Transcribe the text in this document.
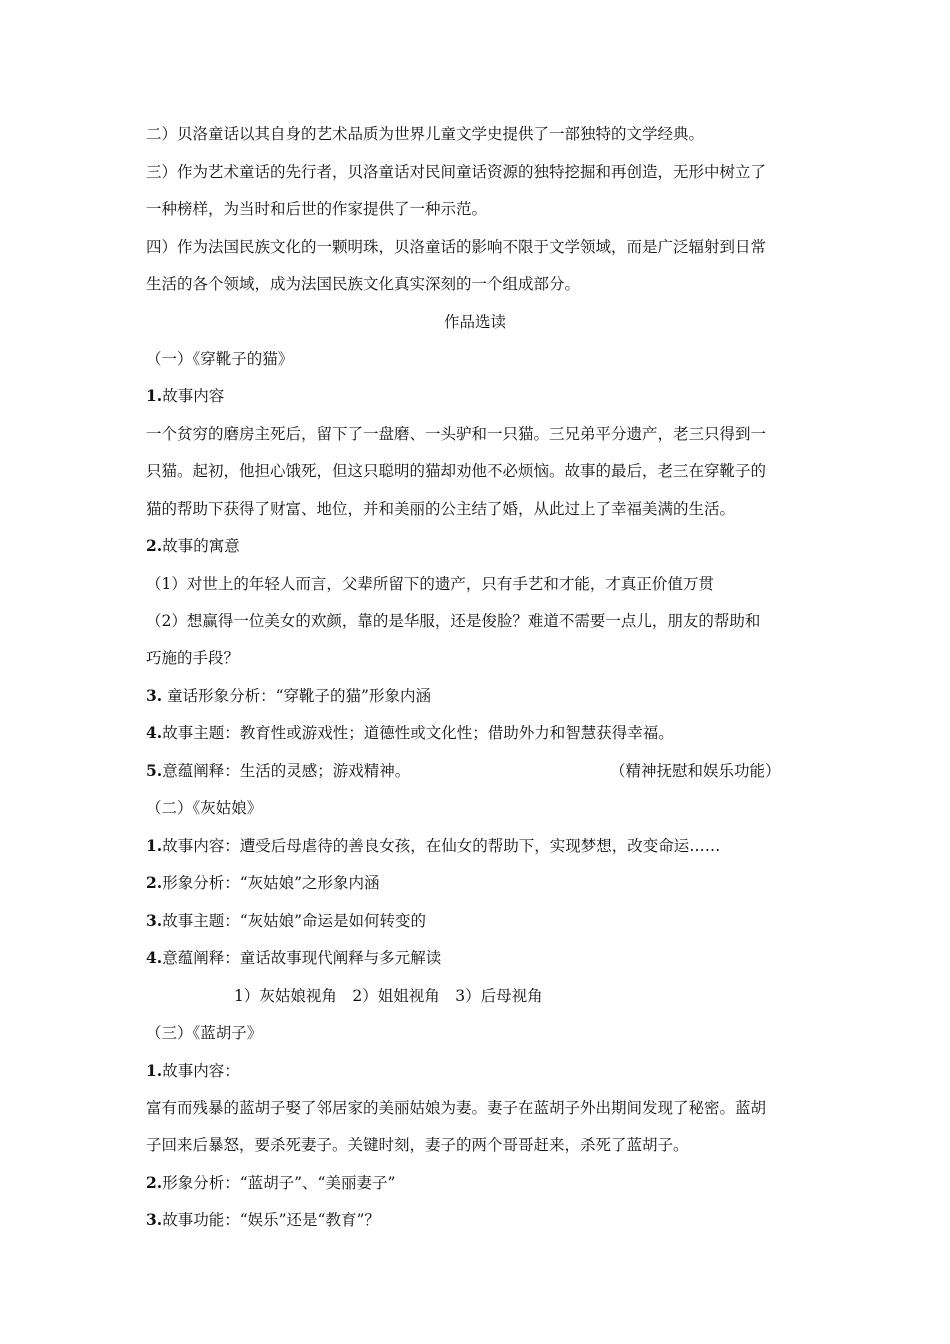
二）贝洛童话以其自身的艺术品质为世界儿童文学史提供了一部独特的文学经典。
三）作为艺术童话的先行者，贝洛童话对民间童话资源的独特挖掘和再创造，无形中树立了
一种榜样，为当时和后世的作家提供了一种示范。
四）作为法国民族文化的一颗明珠，贝洛童话的影响不限于文学领域，而是广泛辐射到日常
生活的各个领域，成为法国民族文化真实深刻的一个组成部分。
作品选读
（一）《穿靴子的猫》
1.故事内容
一个贫穷的磨房主死后，留下了一盘磨、一头驴和一只猫。三兄弟平分遗产，老三只得到一
只猫。起初，他担心饿死，但这只聪明的猫却劝他不必烦恼。故事的最后，老三在穿靴子的
猫的帮助下获得了财富、地位，并和美丽的公主结了婚，从此过上了幸福美满的生活。
2.故事的寓意
（1）对世上的年轻人而言，父辈所留下的遗产，只有手艺和才能，才真正价值万贯
（2）想赢得一位美女的欢颜，靠的是华服，还是俊脸？难道不需要一点儿，朋友的帮助和
巧施的手段？
3. 童话形象分析：“穿靴子的猫”形象内涵
4.故事主题：教育性或游戏性；道德性或文化性；借助外力和智慧获得幸福。
5.意蕴阐释：生活的灵感；游戏精神。	（精神抚慰和娱乐功能）
（二）《灰姑娘》
1.故事内容：遭受后母虐待的善良女孩，在仙女的帮助下，实现梦想，改变命运……
2.形象分析：“灰姑娘”之形象内涵
3.故事主题：“灰姑娘”命运是如何转变的
4.意蕴阐释：童话故事现代阐释与多元解读
1）灰姑娘视角　2）姐姐视角　3）后母视角
（三）《蓝胡子》
1.故事内容：
富有而残暴的蓝胡子娶了邻居家的美丽姑娘为妻。妻子在蓝胡子外出期间发现了秘密。蓝胡
子回来后暴怒，要杀死妻子。关键时刻，妻子的两个哥哥赶来，杀死了蓝胡子。
2.形象分析：“蓝胡子”、“美丽妻子”
3.故事功能：“娱乐”还是“教育”？
